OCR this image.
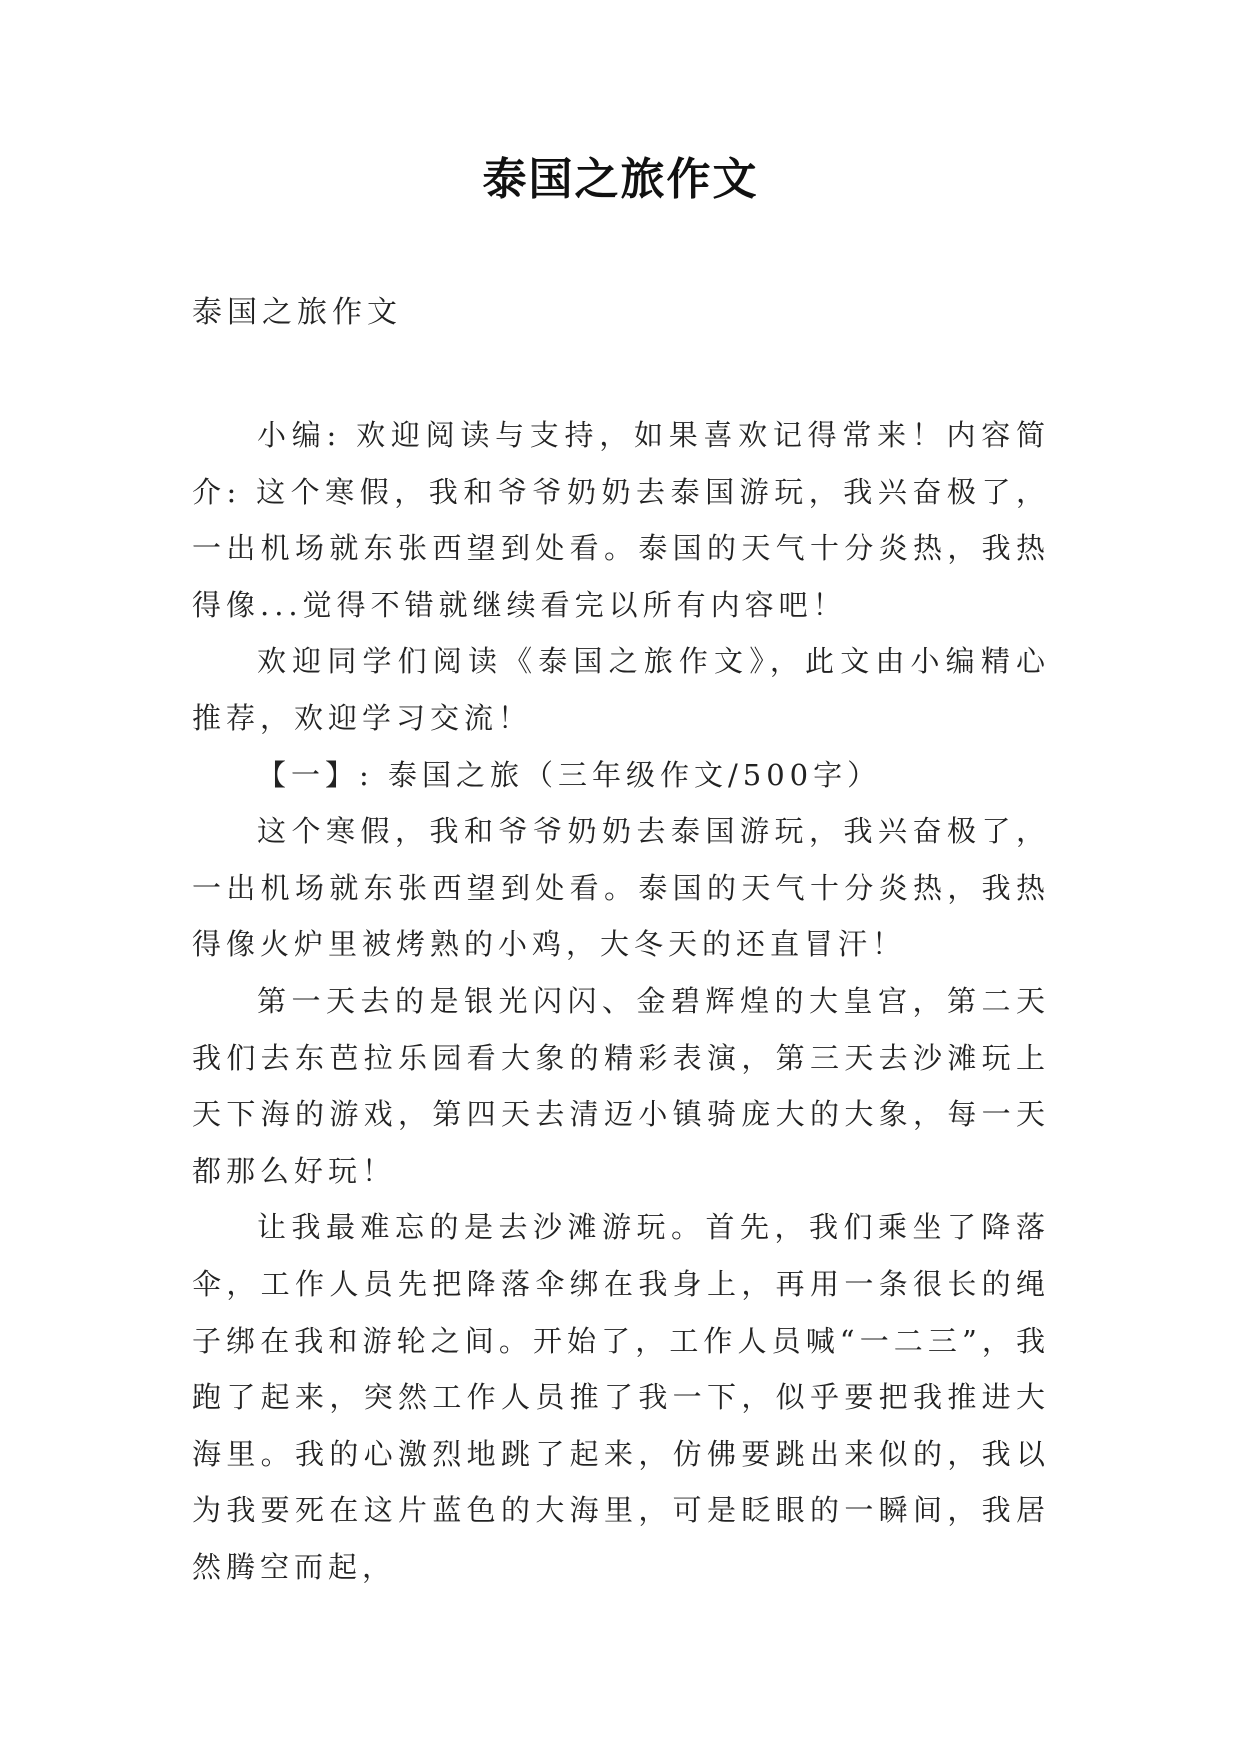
泰国之旅作文
泰国之旅作文

小编: 欢迎阅读与支持，如果喜欢记得常来！内容简介: 这个寒假，我和爷爷奶奶去泰国游玩，我兴奋极了，一出机场就东张西望到处看。泰国的天气十分炎热，我热得像...觉得不错就继续看完以所有内容吧！

欢迎同学们阅读《泰国之旅作文》，此文由小编精心推荐，欢迎学习交流！

【一】: 泰国之旅（三年级作文/500字）

这个寒假，我和爷爷奶奶去泰国游玩，我兴奋极了，一出机场就东张西望到处看。泰国的天气十分炎热，我热得像火炉里被烤熟的小鸡，大冬天的还直冒汗！

第一天去的是银光闪闪、金碧辉煌的大皇宫，第二天我们去东芭拉乐园看大象的精彩表演，第三天去沙滩玩上天下海的游戏，第四天去清迈小镇骑庞大的大象，每一天都那么好玩！

让我最难忘的是去沙滩游玩。首先，我们乘坐了降落伞，工作人员先把降落伞绑在我身上，再用一条很长的绳子绑在我和游轮之间。开始了，工作人员喊“一二三”，我跑了起来，突然工作人员推了我一下，似乎要把我推进大海里。我的心激烈地跳了起来，仿佛要跳出来似的，我以为我要死在这片蓝色的大海里，可是眨眼的一瞬间，我居然腾空而起，
